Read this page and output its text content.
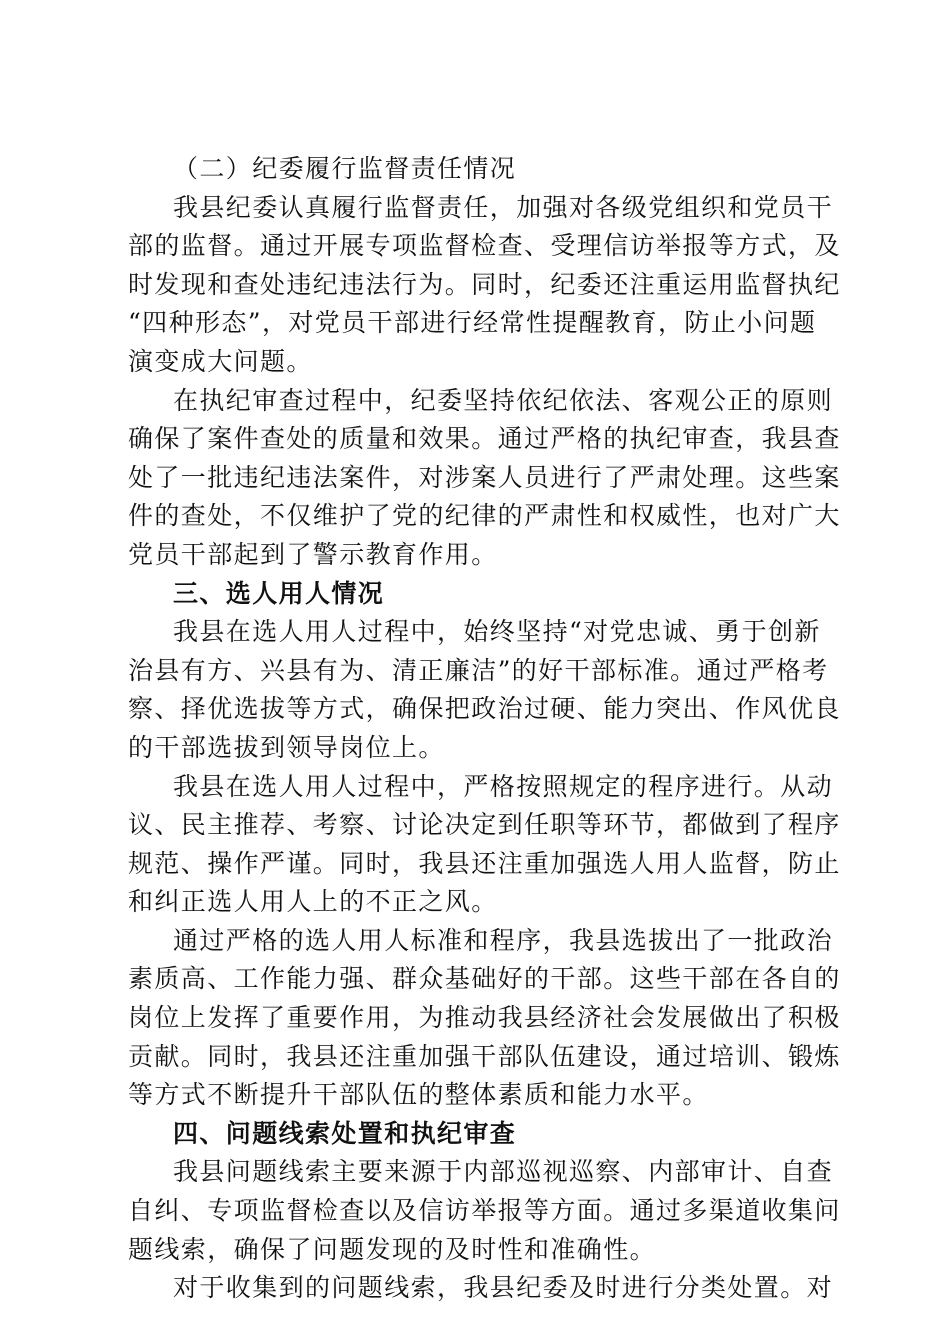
（二）纪委履行监督责任情况
我县纪委认真履行监督责任，加强对各级党组织和党员干
部的监督。通过开展专项监督检查、受理信访举报等方式，及
时发现和查处违纪违法行为。同时，纪委还注重运用监督执纪
“四种形态”，对党员干部进行经常性提醒教育，防止小问题
演变成大问题。
在执纪审查过程中，纪委坚持依纪依法、客观公正的原则
确保了案件查处的质量和效果。通过严格的执纪审查，我县查
处了一批违纪违法案件，对涉案人员进行了严肃处理。这些案
件的查处，不仅维护了党的纪律的严肃性和权威性，也对广大
党员干部起到了警示教育作用。
三、选人用人情况
我县在选人用人过程中，始终坚持“对党忠诚、勇于创新
治县有方、兴县有为、清正廉洁”的好干部标准。通过严格考
察、择优选拔等方式，确保把政治过硬、能力突出、作风优良
的干部选拔到领导岗位上。
我县在选人用人过程中，严格按照规定的程序进行。从动
议、民主推荐、考察、讨论决定到任职等环节，都做到了程序
规范、操作严谨。同时，我县还注重加强选人用人监督，防止
和纠正选人用人上的不正之风。
通过严格的选人用人标准和程序，我县选拔出了一批政治
素质高、工作能力强、群众基础好的干部。这些干部在各自的
岗位上发挥了重要作用，为推动我县经济社会发展做出了积极
贡献。同时，我县还注重加强干部队伍建设，通过培训、锻炼
等方式不断提升干部队伍的整体素质和能力水平。
四、问题线索处置和执纪审查
我县问题线索主要来源于内部巡视巡察、内部审计、自查
自纠、专项监督检查以及信访举报等方面。通过多渠道收集问
题线索，确保了问题发现的及时性和准确性。
对于收集到的问题线索，我县纪委及时进行分类处置。对
